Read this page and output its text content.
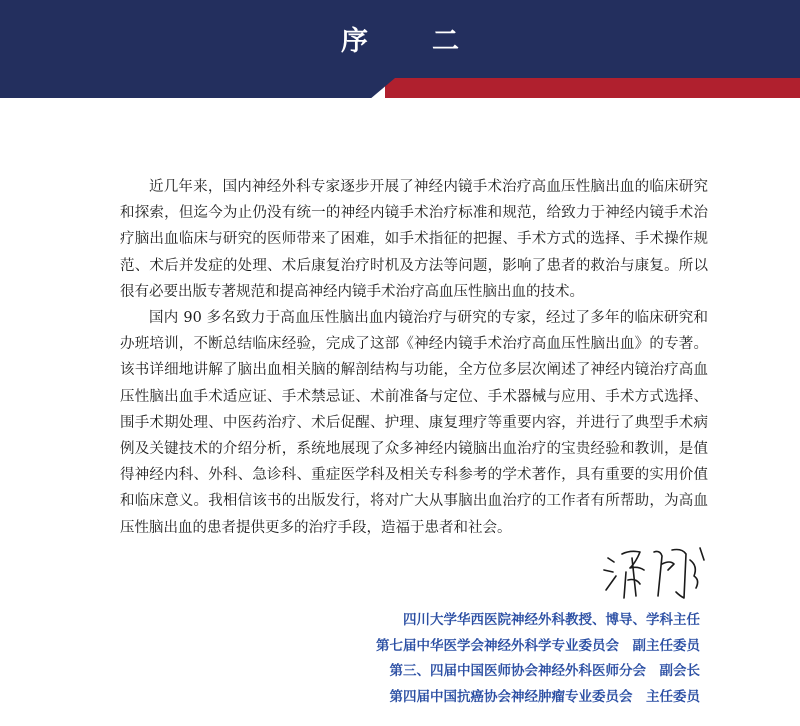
序二

近几年来，国内神经外科专家逐步开展了神经内镜手术治疗高血压性脑出血的临床研究和探索，但迄今为止仍没有统一的神经内镜手术治疗标准和规范，给致力于神经内镜手术治疗脑出血临床与研究的医师带来了困难，如手术指征的把握、手术方式的选择、手术操作规范、术后并发症的处理、术后康复治疗时机及方法等问题，影响了患者的救治与康复。所以很有必要出版专著规范和提高神经内镜手术治疗高血压性脑出血的技术。

国内 90 多名致力于高血压性脑出血内镜治疗与研究的专家，经过了多年的临床研究和办班培训，不断总结临床经验，完成了这部《神经内镜手术治疗高血压性脑出血》的专著。该书详细地讲解了脑出血相关脑的解剖结构与功能，全方位多层次阐述了神经内镜治疗高血压性脑出血手术适应证、手术禁忌证、术前准备与定位、手术器械与应用、手术方式选择、围手术期处理、中医药治疗、术后促醒、护理、康复理疗等重要内容，并进行了典型手术病例及关键技术的介绍分析，系统地展现了众多神经内镜脑出血治疗的宝贵经验和教训，是值得神经内科、外科、急诊科、重症医学科及相关专科参考的学术著作，具有重要的实用价值和临床意义。我相信该书的出版发行，将对广大从事脑出血治疗的工作者有所帮助，为高血压性脑出血的患者提供更多的治疗手段，造福于患者和社会。

四川大学华西医院神经外科教授、博导、学科主任
第七届中华医学会神经外科学专业委员会　副主任委员
第三、四届中国医师协会神经外科医师分会　副会长
第四届中国抗癌协会神经肿瘤专业委员会　主任委员
